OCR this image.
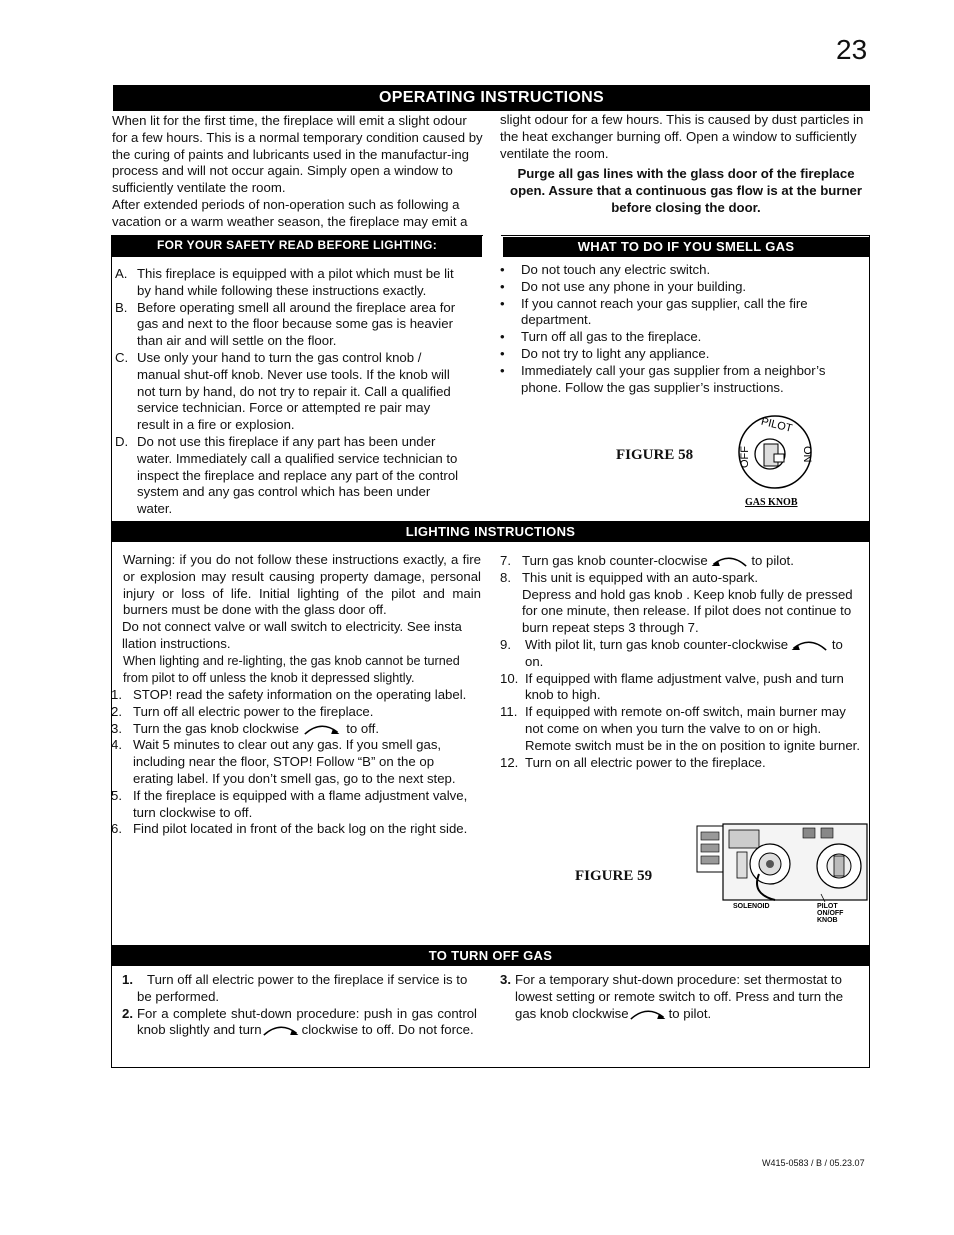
23
OPERATING INSTRUCTIONS

When lit for the first time, the fireplace will emit a slight odour for a few hours. This is a normal temporary condition caused by the curing of paints and lubricants used in the manufactur-ing process and will not occur again. Simply open a window to sufficiently ventilate the room.

After extended periods of non-operation such as following a vacation or a warm weather season, the fireplace may emit a

slight odour for a few hours. This is caused by dust particles in the heat exchanger burning off. Open a window to sufficiently ventilate the room.

Purge all gas lines with the glass door of the fireplace open. Assure that a continuous gas flow is at the burner before closing the door.

FOR YOUR SAFETY READ BEFORE LIGHTING:	WHAT TO DO IF YOU SMELL GAS
A. This fireplace is equipped with a pilot which must be lit by hand while following these instructions exactly.
B. Before operating smell all around the fireplace area for gas and next to the floor because some gas is heavier than air and will settle on the floor.
C. Use only your hand to turn the gas control knob / manual shut-off knob. Never use tools. If the knob will not turn by hand, do not try to repair it. Call a qualified service technician. Force or attempted re pair may result in a fire or explosion.
D. Do not use this fireplace if any part has been under water. Immediately call a qualified service technician to inspect the fireplace and replace any part of the control system and any gas control which has been under water.
• Do not touch any electric switch.
• Do not use any phone in your building.
• If you cannot reach your gas supplier, call the fire department.
• Turn off all gas to the fireplace.
• Do not try to light any appliance.
• Immediately call your gas supplier from a neighbor’s phone. Follow the gas supplier’s instructions.
FIGURE 58
PILOT
OFF	ON
GAS KNOB
LIGHTING INSTRUCTIONS

Warning: if you do not follow these instructions exactly, a fire or explosion may result causing property damage, personal injury or loss of life. Initial lighting of the pilot and main burners must be done with the glass door off.

Do not connect valve or wall switch to electricity. See insta llation instructions.

When lighting and re-lighting, the gas knob cannot be turned from pilot to off unless the knob it depressed slightly.

1. STOP! read the safety information on the operating label.
2. Turn off all electric power to the fireplace.
3. Turn the gas knob clockwise	to off.
4. Wait 5 minutes to clear out any gas. If you smell gas, including near the floor, STOP! Follow “B” on the op erating label. If you don’t smell gas, go to the next step.
5. If the fireplace is equipped with a flame adjustment valve, turn clockwise to off.
6. Find pilot located in front of the back log on the right side.
7. Turn gas knob counter-clocwise	to pilot.
8. This unit is equipped with an auto-spark.
Depress and hold gas knob . Keep knob fully de pressed for one minute, then release. If pilot does not continue to burn repeat steps 3 through 7.
9. With pilot lit, turn gas knob counter-clockwise	to on.
10. If equipped with flame adjustment valve, push and turn knob to high.
11. If equipped with remote on-off switch, main burner may not come on when you turn the valve to on or high. Remote switch must be in the on position to ignite burner.
12. Turn on all electric power to the fireplace.
FIGURE 59
SOLENOID	PILOT
ON/OFF
KNOB
TO TURN OFF GAS
1. Turn off all electric power to the fireplace if service is to be performed.
2. For a complete shut-down procedure: push in gas control knob slightly and turn	clockwise to off. Do not force.
3. For a temporary shut-down procedure: set thermostat to lowest setting or remote switch to off. Press and turn the gas knob clockwise	to pilot.
W415-0583 / B / 05.23.07
